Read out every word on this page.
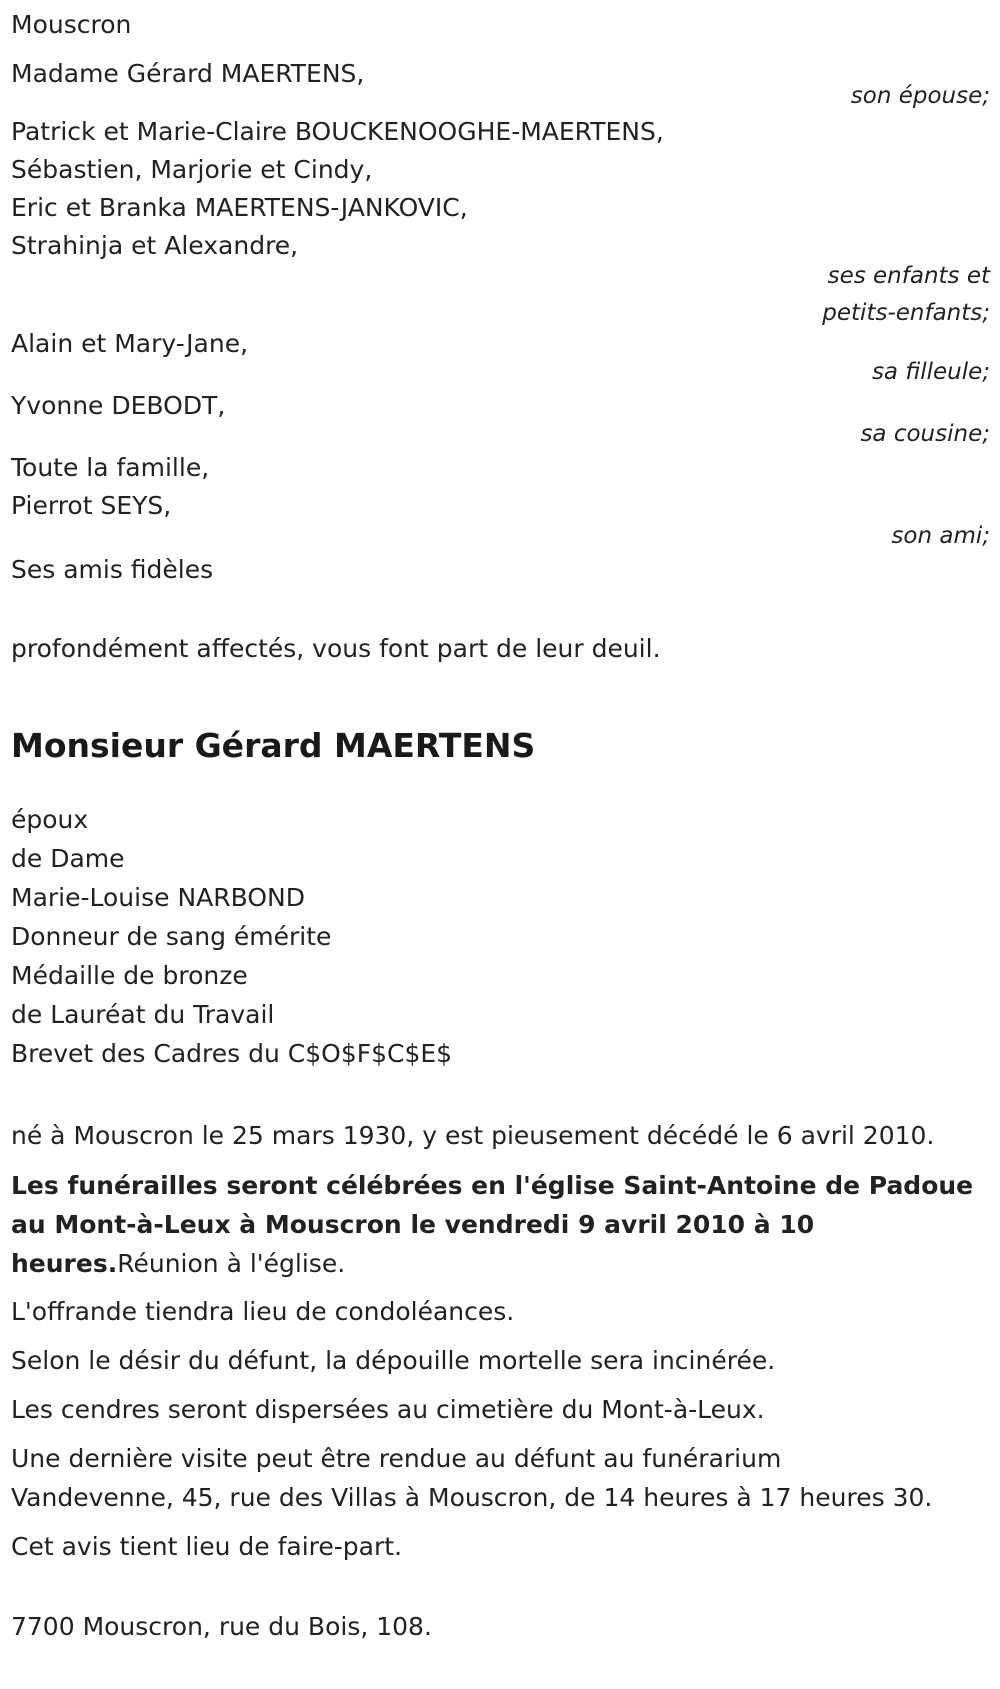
Mouscron
Madame Gérard MAERTENS,
son épouse;
Patrick et Marie-Claire BOUCKENOOGHE-MAERTENS,
Sébastien, Marjorie et Cindy,
Eric et Branka MAERTENS-JANKOVIC,
Strahinja et Alexandre,
ses enfants et
petits-enfants;
Alain et Mary-Jane,
sa filleule;
Yvonne DEBODT,
sa cousine;
Toute la famille,
Pierrot SEYS,
son ami;
Ses amis fidèles
profondément affectés, vous font part de leur deuil.
Monsieur Gérard MAERTENS
époux
de Dame
Marie-Louise NARBOND
Donneur de sang émérite
Médaille de bronze
de Lauréat du Travail
Brevet des Cadres du C$O$F$C$E$
né à Mouscron le 25 mars 1930, y est pieusement décédé le 6 avril 2010.
Les funérailles seront célébrées en l'église Saint-Antoine de Padoue
au Mont-à-Leux à Mouscron le vendredi 9 avril 2010 à 10
heures.Réunion à l'église.
L'offrande tiendra lieu de condoléances.
Selon le désir du défunt, la dépouille mortelle sera incinérée.
Les cendres seront dispersées au cimetière du Mont-à-Leux.
Une dernière visite peut être rendue au défunt au funérarium
Vandevenne, 45, rue des Villas à Mouscron, de 14 heures à 17 heures 30.
Cet avis tient lieu de faire-part.
7700 Mouscron, rue du Bois, 108.
